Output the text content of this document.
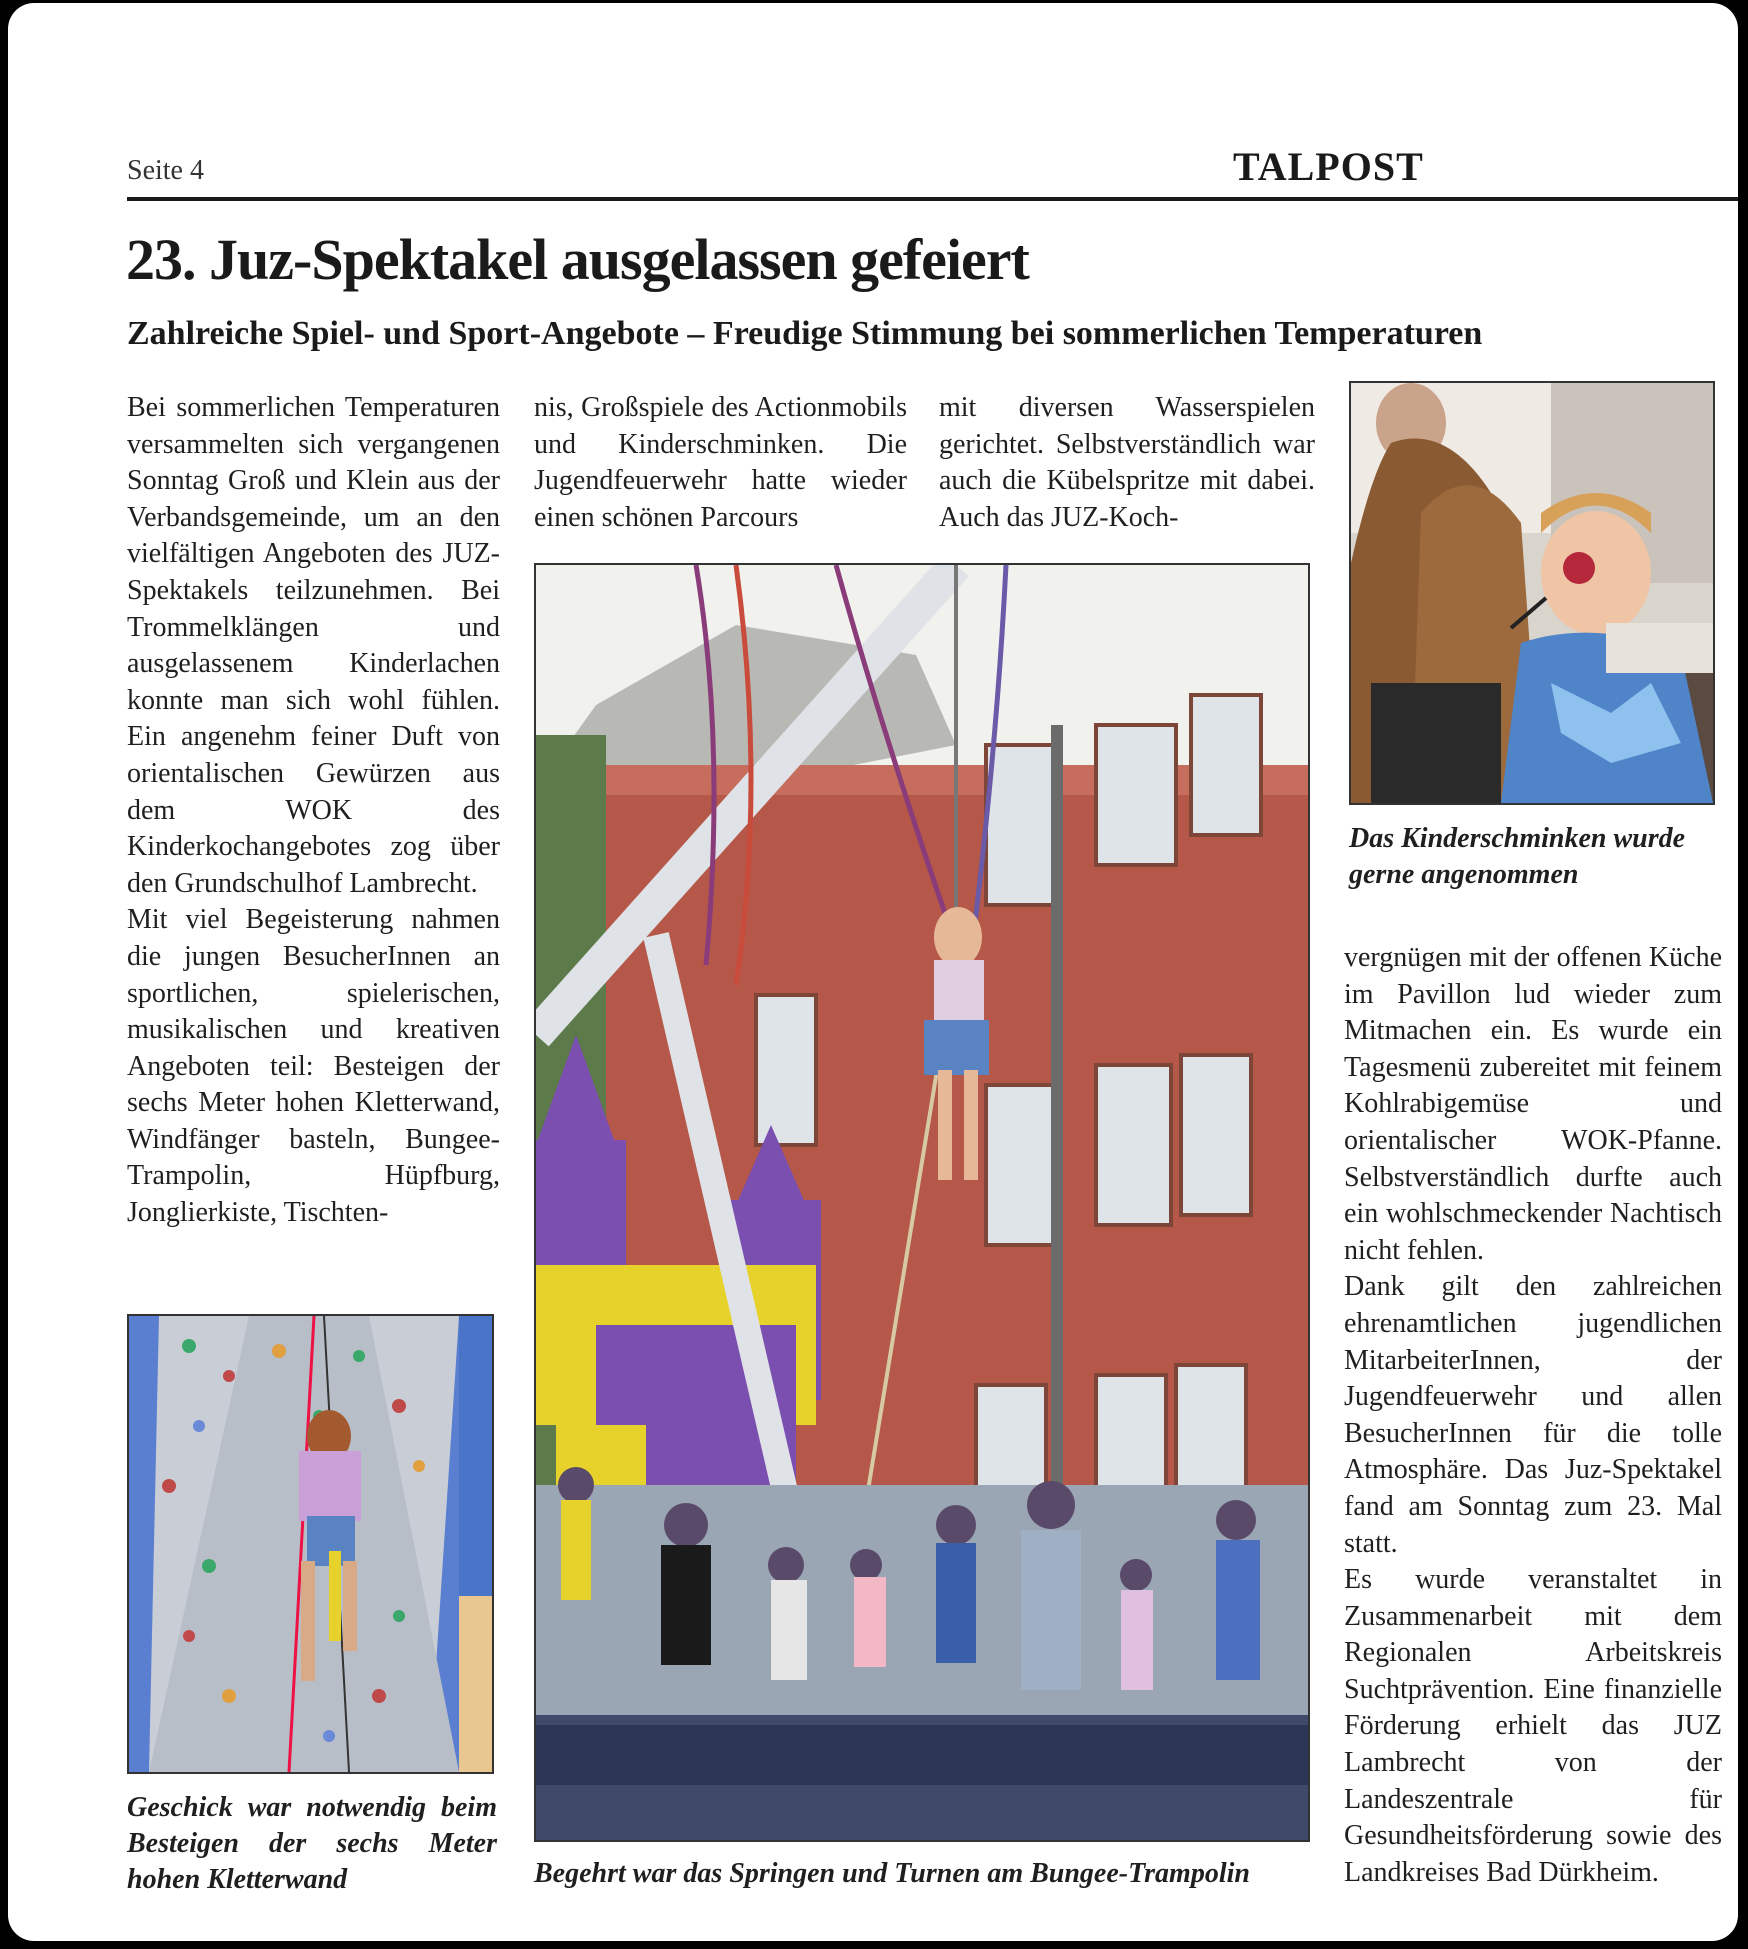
Seite 4	TALPOST
23. Juz-Spektakel ausgelassen gefeiert
Zahlreiche Spiel- und Sport-Angebote – Freudige Stimmung bei sommerlichen Temperaturen

Bei sommerlichen Temperaturen versammelten sich vergangenen Sonntag Groß und Klein aus der Verbandsgemeinde, um an den vielfältigen Angeboten des JUZ-Spektakels teilzunehmen. Bei Trommelklängen und ausgelassenem Kinderlachen konnte man sich wohl fühlen. Ein angenehm feiner Duft von orientalischen Gewürzen aus dem WOK des Kinderkochangebotes zog über den Grundschulhof Lambrecht.

Mit viel Begeisterung nahmen die jungen BesucherInnen an sportlichen, spielerischen, musikalischen und kreativen Angeboten teil: Besteigen der sechs Meter hohen Kletterwand, Windfänger basteln, Bungee-Trampolin, Hüpfburg, Jonglierkiste, Tischten-

nis, Großspiele des Actionmobils und Kinderschminken. Die Jugendfeuerwehr hatte wieder einen schönen Parcours

mit diversen Wasserspielen gerichtet. Selbstverständlich war auch die Kübelspritze mit dabei. Auch das JUZ-Koch-

vergnügen mit der offenen Küche im Pavillon lud wieder zum Mitmachen ein. Es wurde ein Tagesmenü zubereitet mit feinem Kohlrabigemüse und orientalischer WOK-Pfanne. Selbstverständlich durfte auch ein wohlschmeckender Nachtisch nicht fehlen.

Dank gilt den zahlreichen ehrenamtlichen jugendlichen MitarbeiterInnen, der Jugendfeuerwehr und allen BesucherInnen für die tolle Atmosphäre. Das Juz-Spektakel fand am Sonntag zum 23. Mal statt.

Es wurde veranstaltet in Zusammenarbeit mit dem Regionalen Arbeitskreis Suchtprävention. Eine finanzielle Förderung erhielt das JUZ Lambrecht von der Landeszentrale für Gesundheitsförderung sowie des Landkreises Bad Dürkheim.

Das Kinderschminken wurde gerne angenommen
Begehrt war das Springen und Turnen am Bungee-Trampolin
Geschick war notwendig beim Besteigen der sechs Meter hohen Kletterwand
